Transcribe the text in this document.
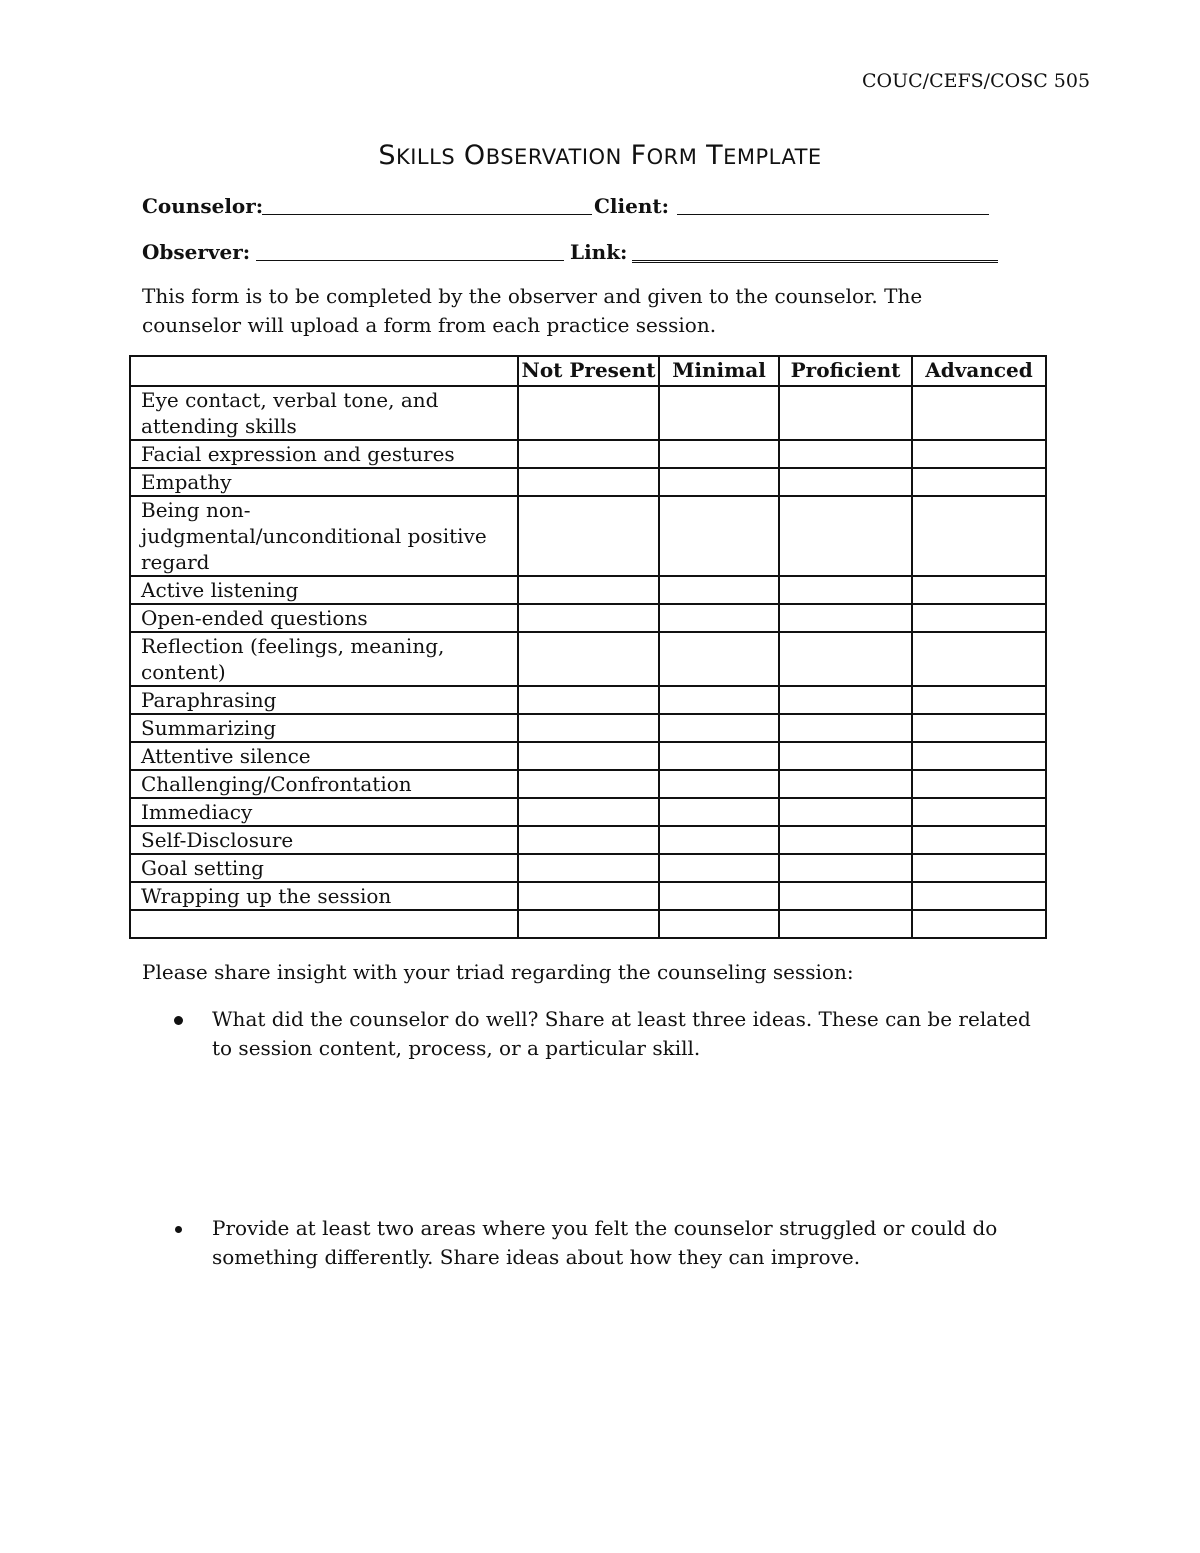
COUC/CEFS/COSC 505
SKILLS OBSERVATION FORM TEMPLATE
Counselor:	Client:
Observer:	Link:
This form is to be completed by the observer and given to the counselor. The counselor will upload a form from each practice session.
	Not Present	Minimal	Proficient	Advanced
Eye contact, verbal tone, and attending skills				
Facial expression and gestures				
Empathy				
Being non-judgmental/unconditional positive regard				
Active listening				
Open-ended questions				
Reflection (feelings, meaning, content)				
Paraphrasing				
Summarizing				
Attentive silence				
Challenging/Confrontation				
Immediacy				
Self-Disclosure				
Goal setting				
Wrapping up the session				

Please share insight with your triad regarding the counseling session:
What did the counselor do well? Share at least three ideas. These can be related to session content, process, or a particular skill.
Provide at least two areas where you felt the counselor struggled or could do something differently. Share ideas about how they can improve.
